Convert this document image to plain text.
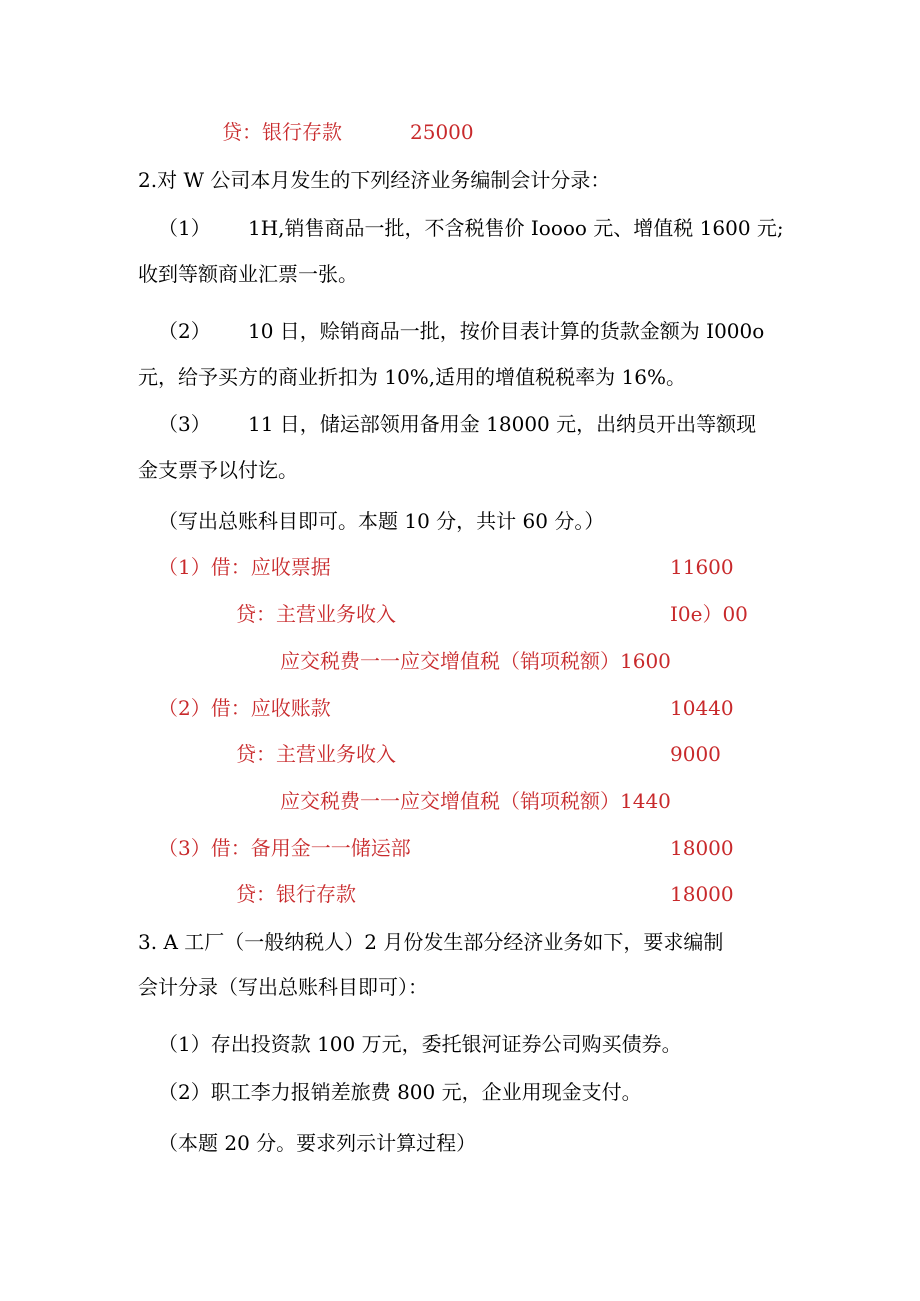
贷：银行存款	25000
2.对 W 公司本月发生的下列经济业务编制会计分录：
（1） 1H,销售商品一批，不含税售价 Ioooo 元、增值税 1600 元;
收到等额商业汇票一张。
（2） 10 日，赊销商品一批，按价目表计算的货款金额为 I000o
元，给予买方的商业折扣为 10%,适用的增值税税率为 16%。
（3） 11 日，储运部领用备用金 18000 元，出纳员开出等额现
金支票予以付讫。
（写出总账科目即可。本题 10 分，共计 60 分。）
（1）借：应收票据	11600
贷：主营业务收入	I0e）00
应交税费一一应交增值税（销项税额）1600
（2）借：应收账款	10440
贷：主营业务收入	9000
应交税费一一应交增值税（销项税额）1440
（3）借：备用金一一储运部	18000
贷：银行存款	18000
3. A 工厂（一般纳税人）2 月份发生部分经济业务如下，要求编制
会计分录（写出总账科目即可）：
（1）存出投资款 100 万元，委托银河证券公司购买债券。
（2）职工李力报销差旅费 800 元，企业用现金支付。
（本题 20 分。要求列示计算过程）
